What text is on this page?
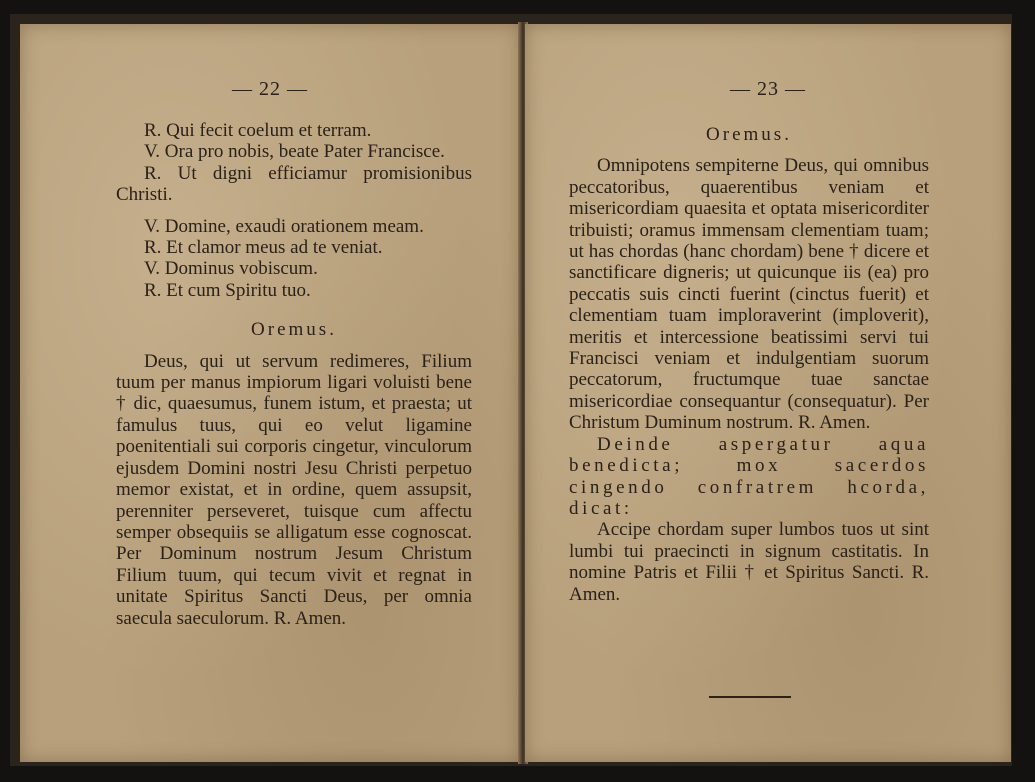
— 22 —

R. Qui fecit coelum et terram.

V. Ora pro nobis, beate Pater Francisce.

R. Ut digni efficiamur promisionibus Christi.

V. Domine, exaudi orationem meam.

R. Et clamor meus ad te veniat.

V. Dominus vobiscum.

R. Et cum Spiritu tuo.

Oremus.

Deus, qui ut servum redimeres, Filium tuum per manus impiorum ligari voluisti bene † dic, quaesumus, funem istum, et praesta; ut famulus tuus, qui eo velut ligamine poenitentiali sui corporis cingetur, vinculorum ejusdem Domini nostri Jesu Christi perpetuo memor existat, et in ordine, quem assupsit, perenniter perseveret, tuisque cum affectu semper obsequiis se alligatum esse cognoscat. Per Dominum nostrum Jesum Christum Filium tuum, qui tecum vivit et regnat in unitate Spiritus Sancti Deus, per omnia saecula saeculorum. R. Amen.

— 23 —

Oremus.

Omnipotens sempiterne Deus, qui omnibus peccatoribus, quaerentibus veniam et misericordiam quaesita et optata misericorditer tribuisti; oramus immensam clementiam tuam; ut has chordas (hanc chordam) bene † dicere et sanctificare digneris; ut quicunque iis (ea) pro peccatis suis cincti fuerint (cinctus fuerit) et clementiam tuam imploraverint (imploverit), meritis et intercessione beatissimi servi tui Francisci veniam et indulgentiam suorum peccatorum, fructumque tuae sanctae misericordiae consequantur (consequatur). Per Christum Duminum nostrum. R. Amen.

Deinde aspergatur aqua benedicta; mox sacerdos cingendo confratrem hcorda, dicat:

Accipe chordam super lumbos tuos ut sint lumbi tui praecincti in signum castitatis. In nomine Patris et Filii † et Spiritus Sancti. R. Amen.
